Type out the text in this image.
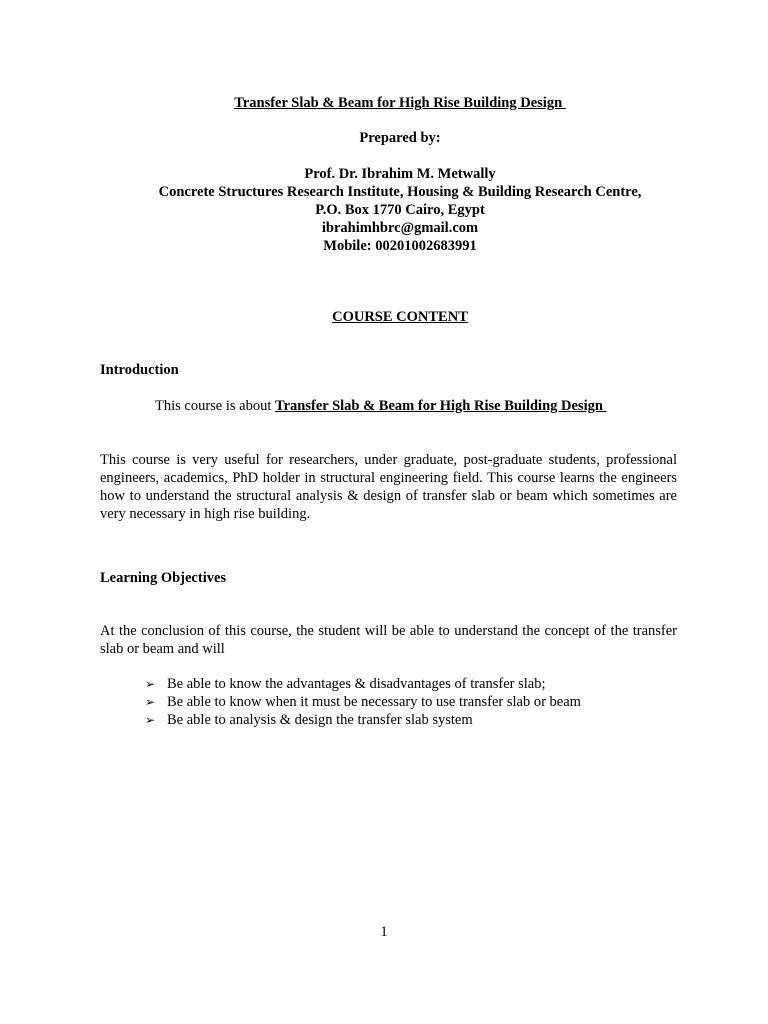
Transfer Slab & Beam for High Rise Building Design
Prepared by:
Prof. Dr. Ibrahim M. Metwally
Concrete Structures Research Institute, Housing & Building Research Centre,
P.O. Box 1770 Cairo, Egypt
ibrahimhbrc@gmail.com
Mobile: 00201002683991
COURSE CONTENT
Introduction
This course is about Transfer Slab & Beam for High Rise Building Design
This course is very useful for researchers, under graduate, post-graduate students, professional engineers, academics, PhD holder in structural engineering field. This course learns the engineers how to understand the structural analysis & design of transfer slab or beam which sometimes are very necessary in high rise building.
Learning Objectives
At the conclusion of this course, the student will be able to understand the concept of the transfer slab or beam and will
➢ Be able to know the advantages & disadvantages of transfer slab;
➢ Be able to know when it must be necessary to use transfer slab or beam
➢ Be able to analysis & design the transfer slab system
1
